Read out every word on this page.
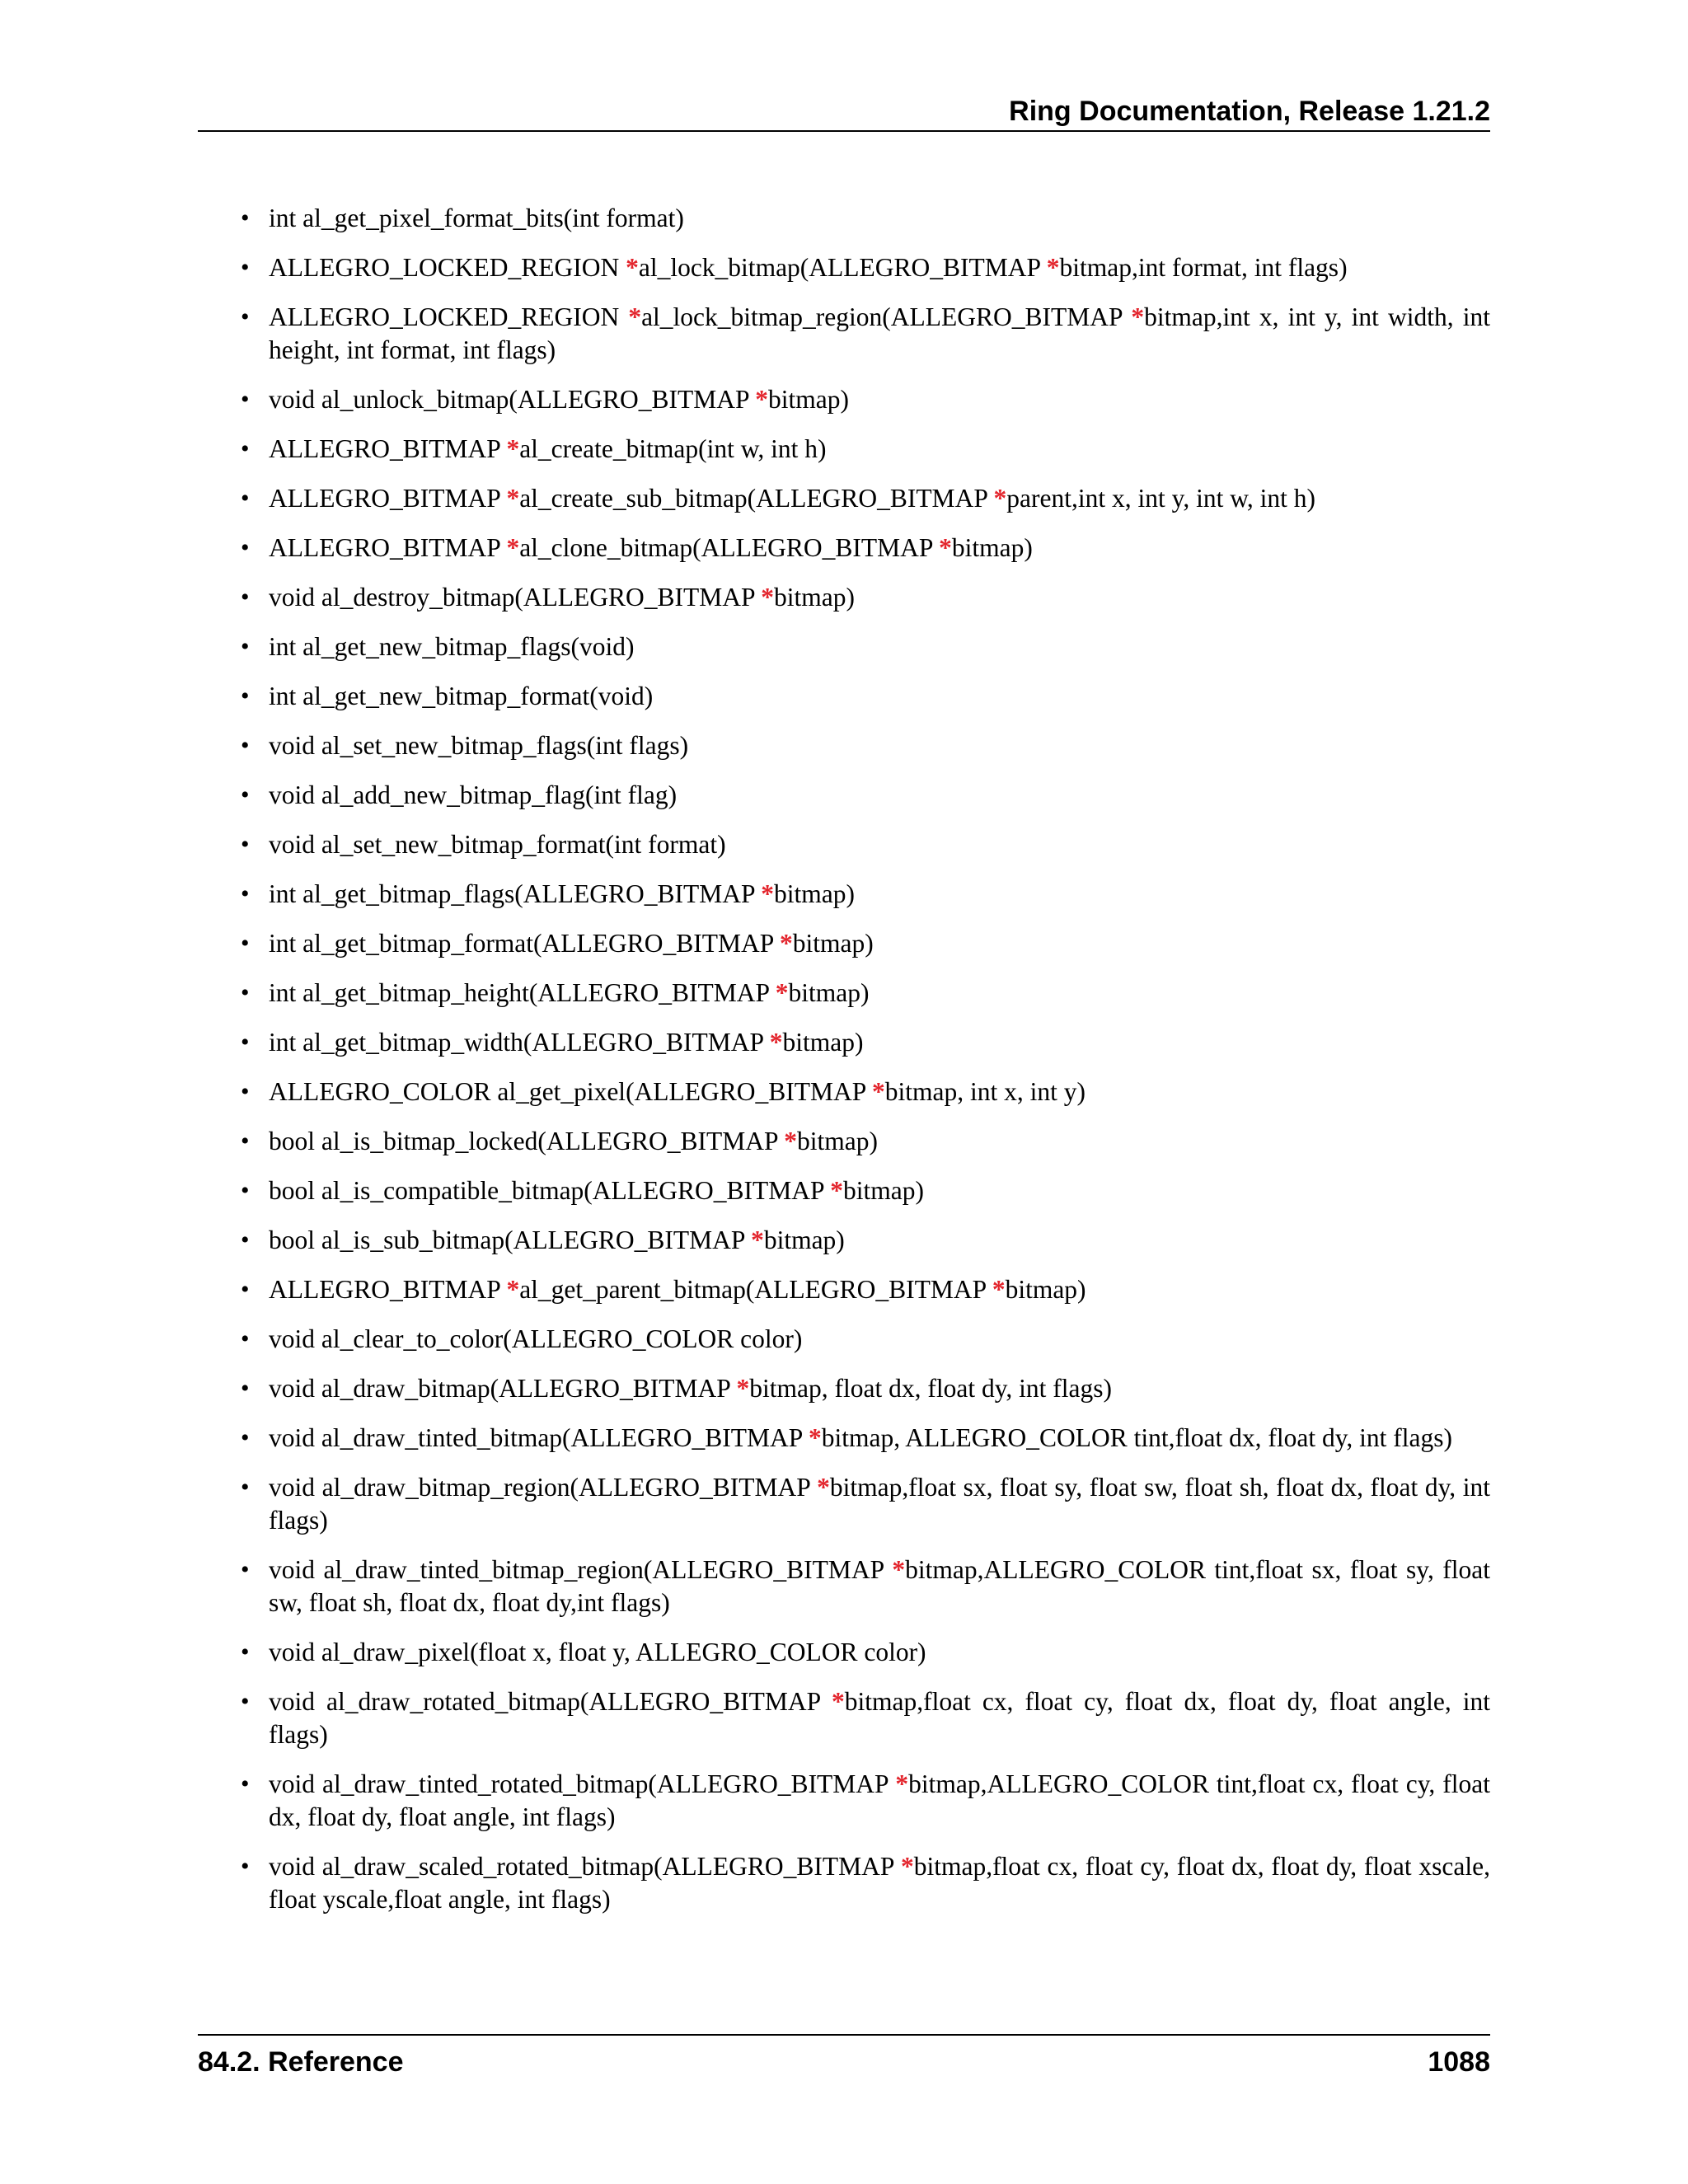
Ring Documentation, Release 1.21.2
• int al_get_pixel_format_bits(int format)
• ALLEGRO_LOCKED_REGION *al_lock_bitmap(ALLEGRO_BITMAP *bitmap,int format, int flags)
• ALLEGRO_LOCKED_REGION *al_lock_bitmap_region(ALLEGRO_BITMAP *bitmap,int x, int y, int width, int height, int format, int flags)
• void al_unlock_bitmap(ALLEGRO_BITMAP *bitmap)
• ALLEGRO_BITMAP *al_create_bitmap(int w, int h)
• ALLEGRO_BITMAP *al_create_sub_bitmap(ALLEGRO_BITMAP *parent,int x, int y, int w, int h)
• ALLEGRO_BITMAP *al_clone_bitmap(ALLEGRO_BITMAP *bitmap)
• void al_destroy_bitmap(ALLEGRO_BITMAP *bitmap)
• int al_get_new_bitmap_flags(void)
• int al_get_new_bitmap_format(void)
• void al_set_new_bitmap_flags(int flags)
• void al_add_new_bitmap_flag(int flag)
• void al_set_new_bitmap_format(int format)
• int al_get_bitmap_flags(ALLEGRO_BITMAP *bitmap)
• int al_get_bitmap_format(ALLEGRO_BITMAP *bitmap)
• int al_get_bitmap_height(ALLEGRO_BITMAP *bitmap)
• int al_get_bitmap_width(ALLEGRO_BITMAP *bitmap)
• ALLEGRO_COLOR al_get_pixel(ALLEGRO_BITMAP *bitmap, int x, int y)
• bool al_is_bitmap_locked(ALLEGRO_BITMAP *bitmap)
• bool al_is_compatible_bitmap(ALLEGRO_BITMAP *bitmap)
• bool al_is_sub_bitmap(ALLEGRO_BITMAP *bitmap)
• ALLEGRO_BITMAP *al_get_parent_bitmap(ALLEGRO_BITMAP *bitmap)
• void al_clear_to_color(ALLEGRO_COLOR color)
• void al_draw_bitmap(ALLEGRO_BITMAP *bitmap, float dx, float dy, int flags)
• void al_draw_tinted_bitmap(ALLEGRO_BITMAP *bitmap, ALLEGRO_COLOR tint,float dx, float dy, int flags)
• void al_draw_bitmap_region(ALLEGRO_BITMAP *bitmap,float sx, float sy, float sw, float sh, float dx, float dy, int flags)
• void al_draw_tinted_bitmap_region(ALLEGRO_BITMAP *bitmap,ALLEGRO_COLOR tint,float sx, float sy, float sw, float sh, float dx, float dy,int flags)
• void al_draw_pixel(float x, float y, ALLEGRO_COLOR color)
• void al_draw_rotated_bitmap(ALLEGRO_BITMAP *bitmap,float cx, float cy, float dx, float dy, float angle, int flags)
• void al_draw_tinted_rotated_bitmap(ALLEGRO_BITMAP *bitmap,ALLEGRO_COLOR tint,float cx, float cy, float dx, float dy, float angle, int flags)
• void al_draw_scaled_rotated_bitmap(ALLEGRO_BITMAP *bitmap,float cx, float cy, float dx, float dy, float xscale, float yscale,float angle, int flags)
84.2. Reference	1088
